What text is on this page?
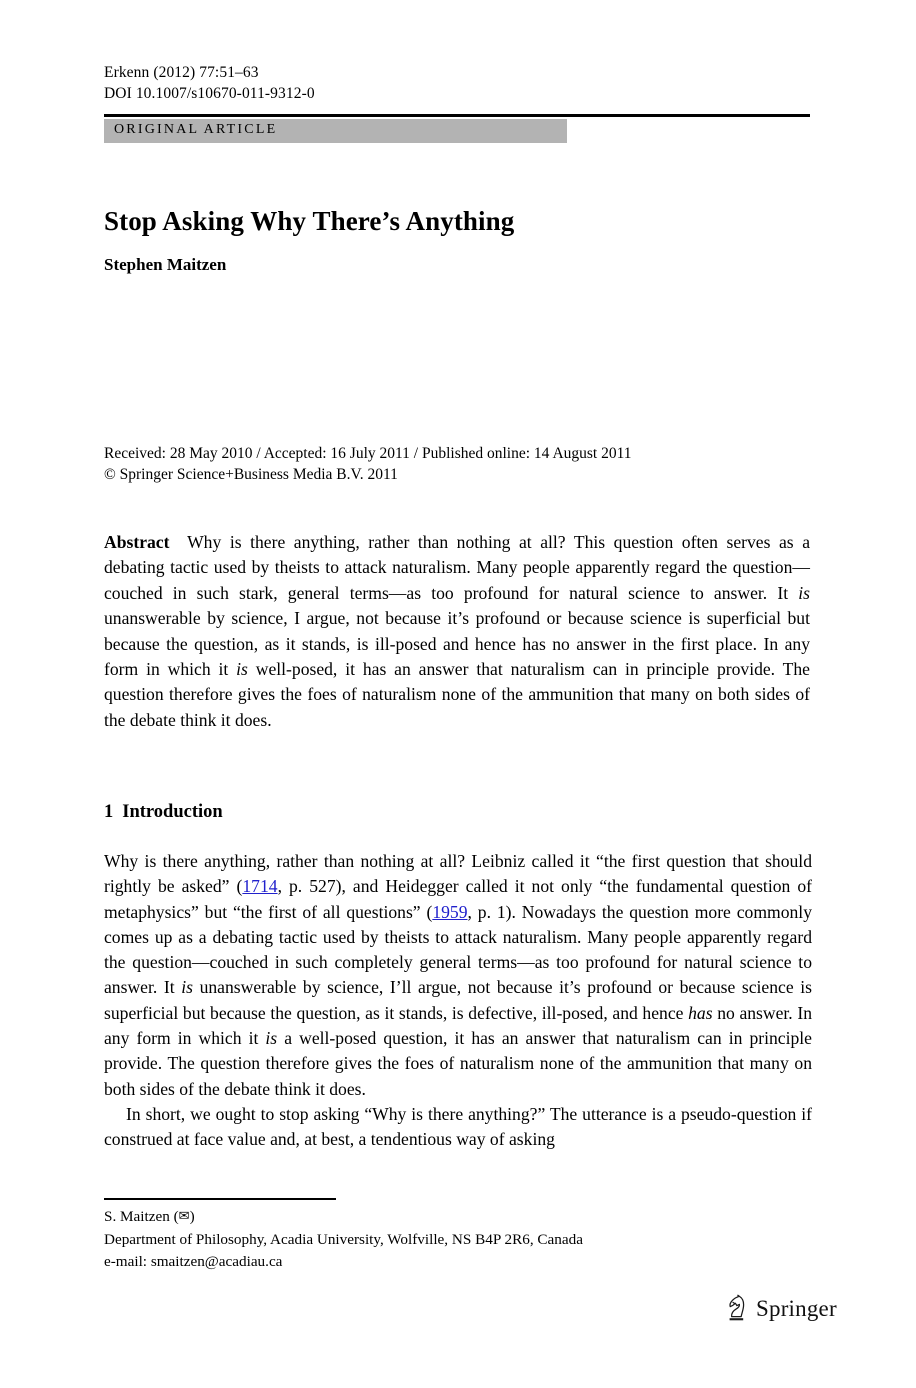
Erkenn (2012) 77:51–63
DOI 10.1007/s10670-011-9312-0
ORIGINAL ARTICLE
Stop Asking Why There’s Anything
Stephen Maitzen
Received: 28 May 2010 / Accepted: 16 July 2011 / Published online: 14 August 2011
© Springer Science+Business Media B.V. 2011
Abstract Why is there anything, rather than nothing at all? This question often serves as a debating tactic used by theists to attack naturalism. Many people apparently regard the question—couched in such stark, general terms—as too profound for natural science to answer. It is unanswerable by science, I argue, not because it’s profound or because science is superficial but because the question, as it stands, is ill-posed and hence has no answer in the first place. In any form in which it is well-posed, it has an answer that naturalism can in principle provide. The question therefore gives the foes of naturalism none of the ammunition that many on both sides of the debate think it does.
1 Introduction

Why is there anything, rather than nothing at all? Leibniz called it “the first question that should rightly be asked” (1714, p. 527), and Heidegger called it not only “the fundamental question of metaphysics” but “the first of all questions” (1959, p. 1). Nowadays the question more commonly comes up as a debating tactic used by theists to attack naturalism. Many people apparently regard the question—couched in such completely general terms—as too profound for natural science to answer. It is unanswerable by science, I’ll argue, not because it’s profound or because science is superficial but because the question, as it stands, is defective, ill-posed, and hence has no answer. In any form in which it is a well-posed question, it has an answer that naturalism can in principle provide. The question therefore gives the foes of naturalism none of the ammunition that many on both sides of the debate think it does.

In short, we ought to stop asking “Why is there anything?” The utterance is a pseudo-question if construed at face value and, at best, a tendentious way of asking

S. Maitzen (✉)
Department of Philosophy, Acadia University, Wolfville, NS B4P 2R6, Canada
e-mail: smaitzen@acadiau.ca
Springer
